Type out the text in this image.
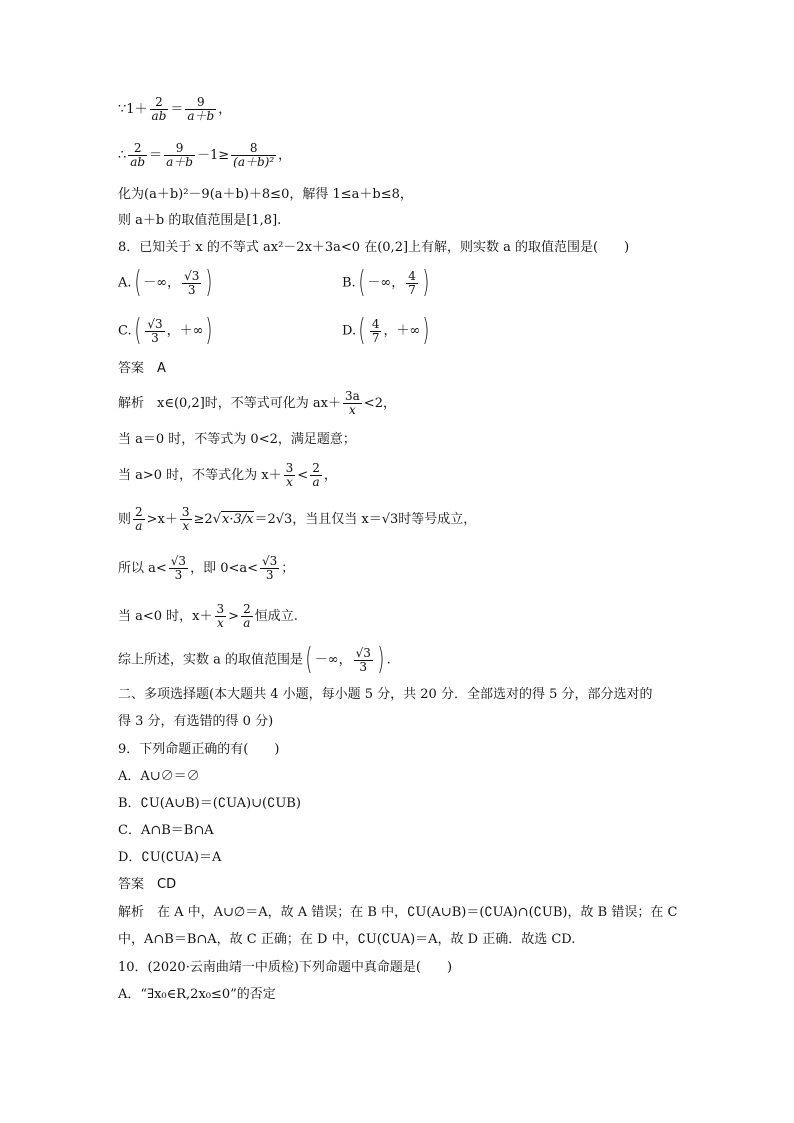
∵1＋ $\frac{2}{ab} = \frac{9}{a+b}$ ，
∴ $\frac{2}{ab} = \frac{9}{a+b} -1\ge \frac{8}{\text{(a＋b)²}}$ ，
化为(a＋b)²－9(a＋b)＋8≤0，解得 1≤a＋b≤8，
则 a＋b 的取值范围是[1,8].
8．已知关于 x 的不等式 ax²－2x＋3a<0 在(0,2]上有解，则实数 a 的取值范围是(　　)
A.( －∞， $\frac{√3}{3}$ )	B.( －∞， $\frac{4}{7}$ )
$C.( \frac{√3}{3}$ ，＋∞)	$D.( \frac{4}{7}$ ，＋∞)
答案　A
解析　x∈(0,2]时，不等式可化为 $ax+ \frac{3a}{x} <2$，
当 a＝0 时，不等式为 0<2，满足题意；
当 a>0 时，不等式化为 $x+ \frac{3}{x} < \frac{2}{a}$ ，
则 $\frac{2}{a} >x+ \frac{3}{x} \ge 2√x\cdot 3/x=2√3$，当且仅当 x＝√3时等号成立，
所以 $a< \frac{√3}{3}$ ，即 $0<a< \frac{√3}{3}$ ；
当 a<0 时，$x+ \frac{3}{x} > \frac{2}{a}$ 恒成立.
综上所述，实数 a 的取值范围是( －∞， $\frac{√3}{3}$ ) .
二、多项选择题(本大题共 4 小题，每小题 5 分，共 20 分．全部选对的得 5 分，部分选对的
得 3 分，有选错的得 0 分)
9．下列命题正确的有(　　)
A．A∪∅＝∅
B．∁U(A∪B)＝(∁UA)∪(∁UB)
C．A∩B＝B∩A
D．∁U(∁UA)＝A
答案　CD
解析　在 A 中，A∪∅＝A，故 A 错误；在 B 中，∁U(A∪B)＝(∁UA)∩(∁UB)，故 B 错误；在 C
中，A∩B＝B∩A，故 C 正确；在 D 中，∁U(∁UA)＝A，故 D 正确．故选 CD.
10．(2020·云南曲靖一中质检)下列命题中真命题是(　　)
A．“∃x₀∈R,2x₀≤0”的否定
